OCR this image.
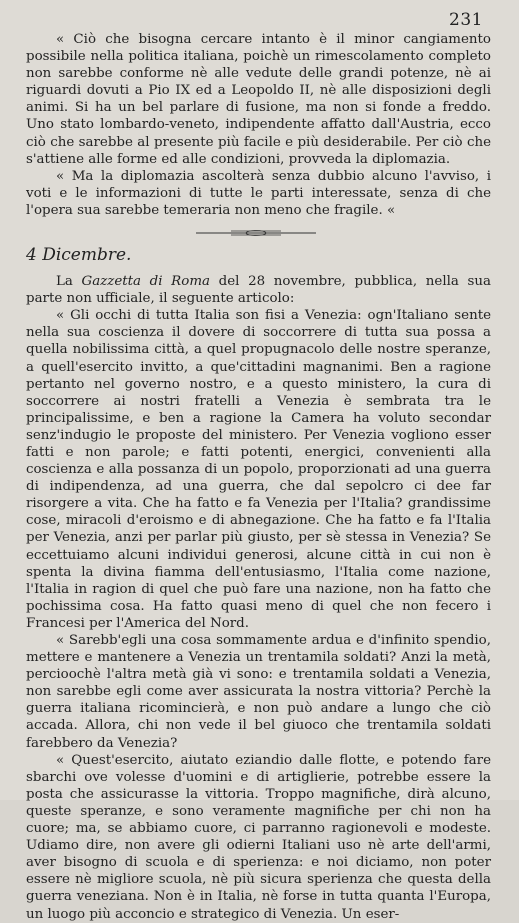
231

« Ciò che bisogna cercare intanto è il minor cangiamento possibile nella politica italiana, poichè un rimescolamento completo non sarebbe conforme nè alle vedute delle grandi potenze, nè ai riguardi dovuti a Pio IX ed a Leopoldo II, nè alle disposizioni degli animi. Si ha un bel parlare di fusione, ma non si fonde a freddo. Uno stato lombardo-veneto, indipendente affatto dall'Austria, ecco ciò che sarebbe al presente più facile e più desiderabile. Per ciò che s'attiene alle forme ed alle condizioni, provveda la diplomazia.

« Ma la diplomazia ascolterà senza dubbio alcuno l'avviso, i voti e le informazioni di tutte le parti interessate, senza di che l'opera sua sarebbe temeraria non meno che fragile. «

4 Dicembre.

La Gazzetta di Roma del 28 novembre, pubblica, nella sua parte non ufficiale, il seguente articolo:

« Gli occhi di tutta Italia son fisi a Venezia: ogn'Italiano sente nella sua coscienza il dovere di soccorrere di tutta sua possa a quella nobilissima città, a quel propugnacolo delle nostre speranze, a quell'esercito invitto, a que'cittadini magnanimi. Ben a ragione pertanto nel governo nostro, e a questo ministero, la cura di soccorrere ai nostri fratelli a Venezia è sembrata tra le principalissime, e ben a ragione la Camera ha voluto secondar senz'indugio le proposte del ministero. Per Venezia vogliono esser fatti e non parole; e fatti potenti, energici, convenienti alla coscienza e alla possanza di un popolo, proporzionati ad una guerra di indipendenza, ad una guerra, che dal sepolcro ci dee far risorgere a vita. Che ha fatto e fa Venezia per l'Italia? grandissime cose, miracoli d'eroismo e di abnegazione. Che ha fatto e fa l'Italia per Venezia, anzi per parlar più giusto, per sè stessa in Venezia? Se eccettuiamo alcuni individui generosi, alcune città in cui non è spenta la divina fiamma dell'entusiasmo, l'Italia come nazione, l'Italia in ragion di quel che può fare una nazione, non ha fatto che pochissima cosa. Ha fatto quasi meno di quel che non fecero i Francesi per l'America del Nord.

« Sarebb'egli una cosa sommamente ardua e d'infinito spendio, mettere e mantenere a Venezia un trentamila soldati? Anzi la metà, percioochè l'altra metà già vi sono: e trentamila soldati a Venezia, non sarebbe egli come aver assicurata la nostra vittoria? Perchè la guerra italiana ricomincierà, e non può andare a lungo che ciò accada. Allora, chi non vede il bel giuoco che trentamila soldati farebbero da Venezia?

« Quest'esercito, aiutato eziandio dalle flotte, e potendo fare sbarchi ove volesse d'uomini e di artiglierie, potrebbe essere la posta che assicurasse la vittoria. Troppo magnifiche, dirà alcuno, queste speranze, e sono veramente magnifiche per chi non ha cuore; ma, se abbiamo cuore, ci parranno ragionevoli e modeste. Udiamo dire, non avere gli odierni Italiani uso nè arte dell'armi, aver bisogno di scuola e di sperienza: e noi diciamo, non poter essere nè migliore scuola, nè più sicura sperienza che questa della guerra veneziana. Non è in Italia, nè forse in tutta quanta l'Europa, un luogo più acconcio e strategico di Venezia. Un eser-
